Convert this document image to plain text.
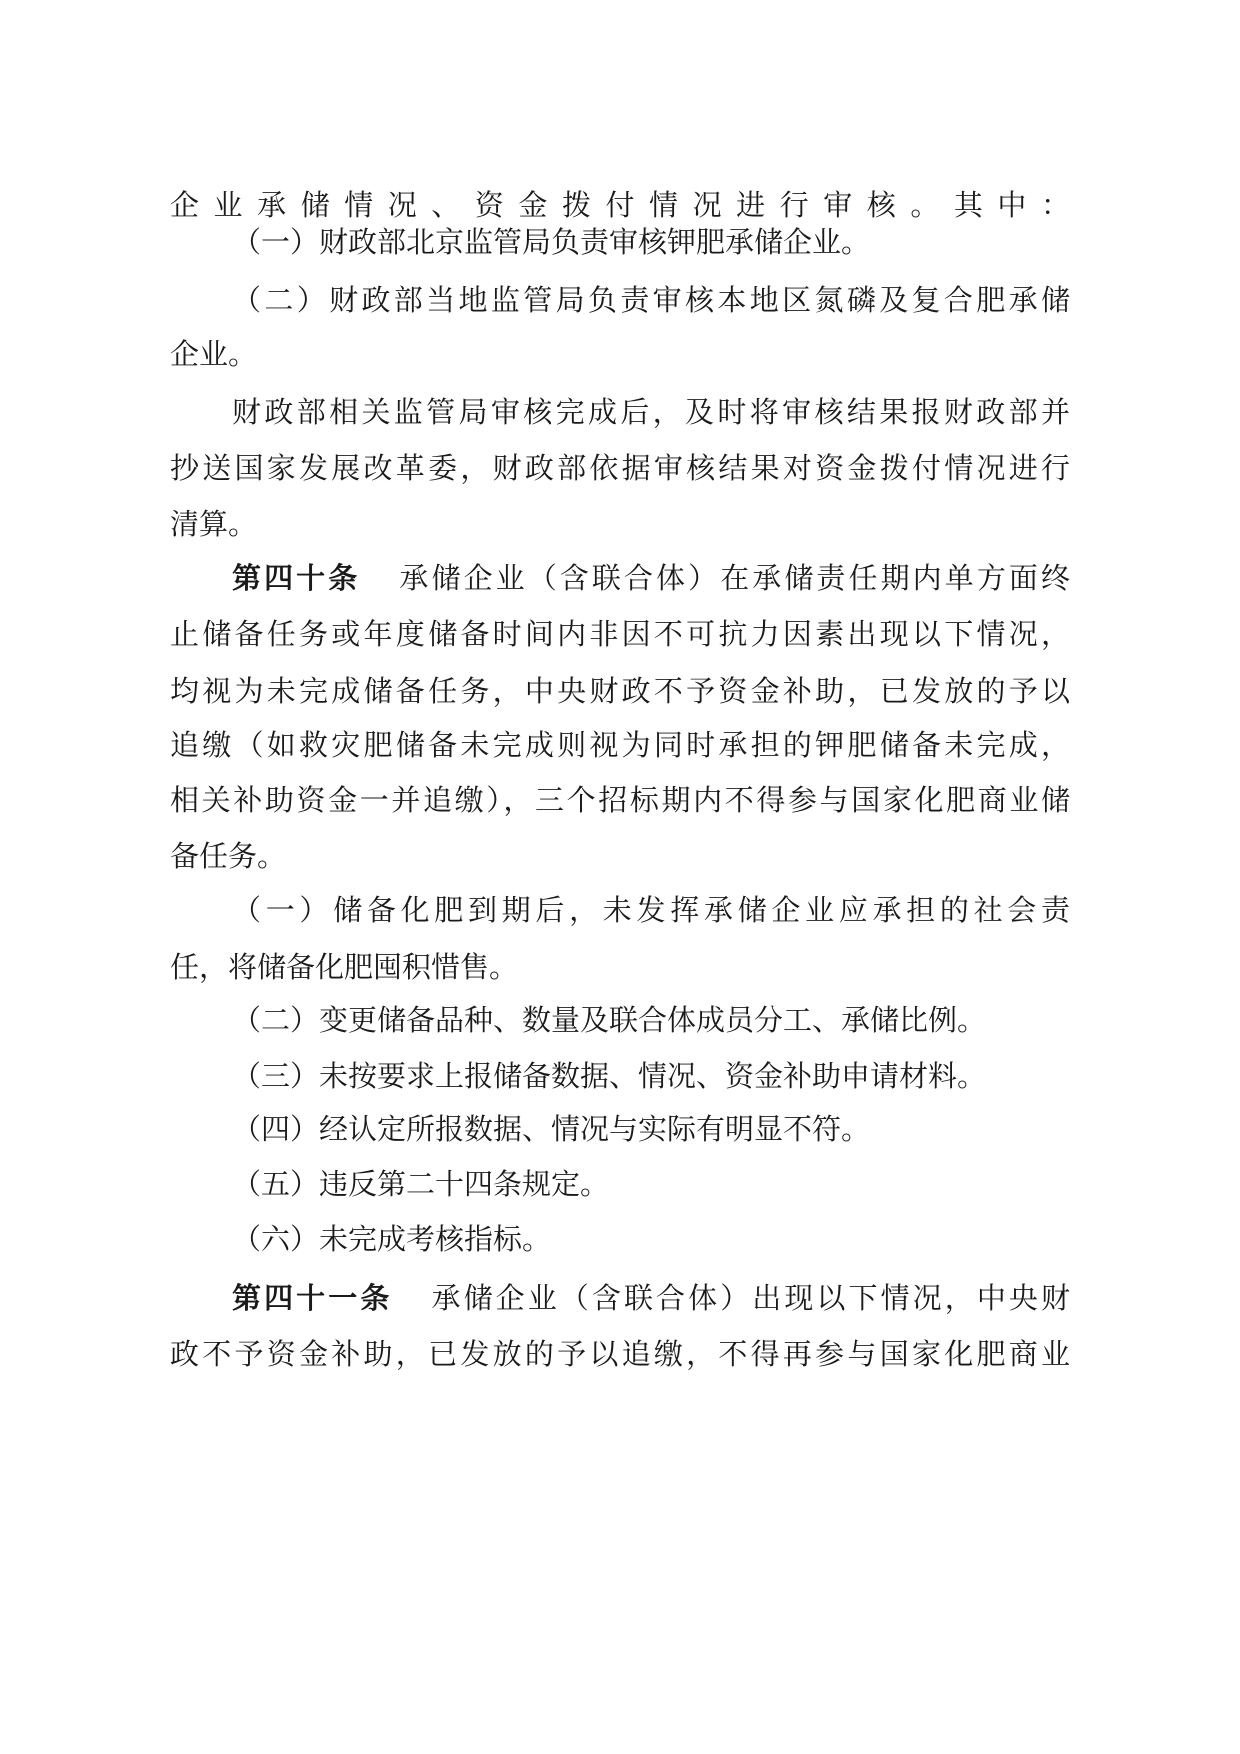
企业承储情况、资金拨付情况进行审核。其中：
（一）财政部北京监管局负责审核钾肥承储企业。
（二）财政部当地监管局负责审核本地区氮磷及复合肥承储
企业。
财政部相关监管局审核完成后，及时将审核结果报财政部并
抄送国家发展改革委，财政部依据审核结果对资金拨付情况进行
清算。
第四十条 承储企业（含联合体）在承储责任期内单方面终
止储备任务或年度储备时间内非因不可抗力因素出现以下情况，
均视为未完成储备任务，中央财政不予资金补助，已发放的予以
追缴（如救灾肥储备未完成则视为同时承担的钾肥储备未完成，
相关补助资金一并追缴），三个招标期内不得参与国家化肥商业储
备任务。
（一）储备化肥到期后，未发挥承储企业应承担的社会责
任，将储备化肥囤积惜售。
（二）变更储备品种、数量及联合体成员分工、承储比例。
（三）未按要求上报储备数据、情况、资金补助申请材料。
（四）经认定所报数据、情况与实际有明显不符。
（五）违反第二十四条规定。
（六）未完成考核指标。
第四十一条 承储企业（含联合体）出现以下情况，中央财
政不予资金补助，已发放的予以追缴，不得再参与国家化肥商业
